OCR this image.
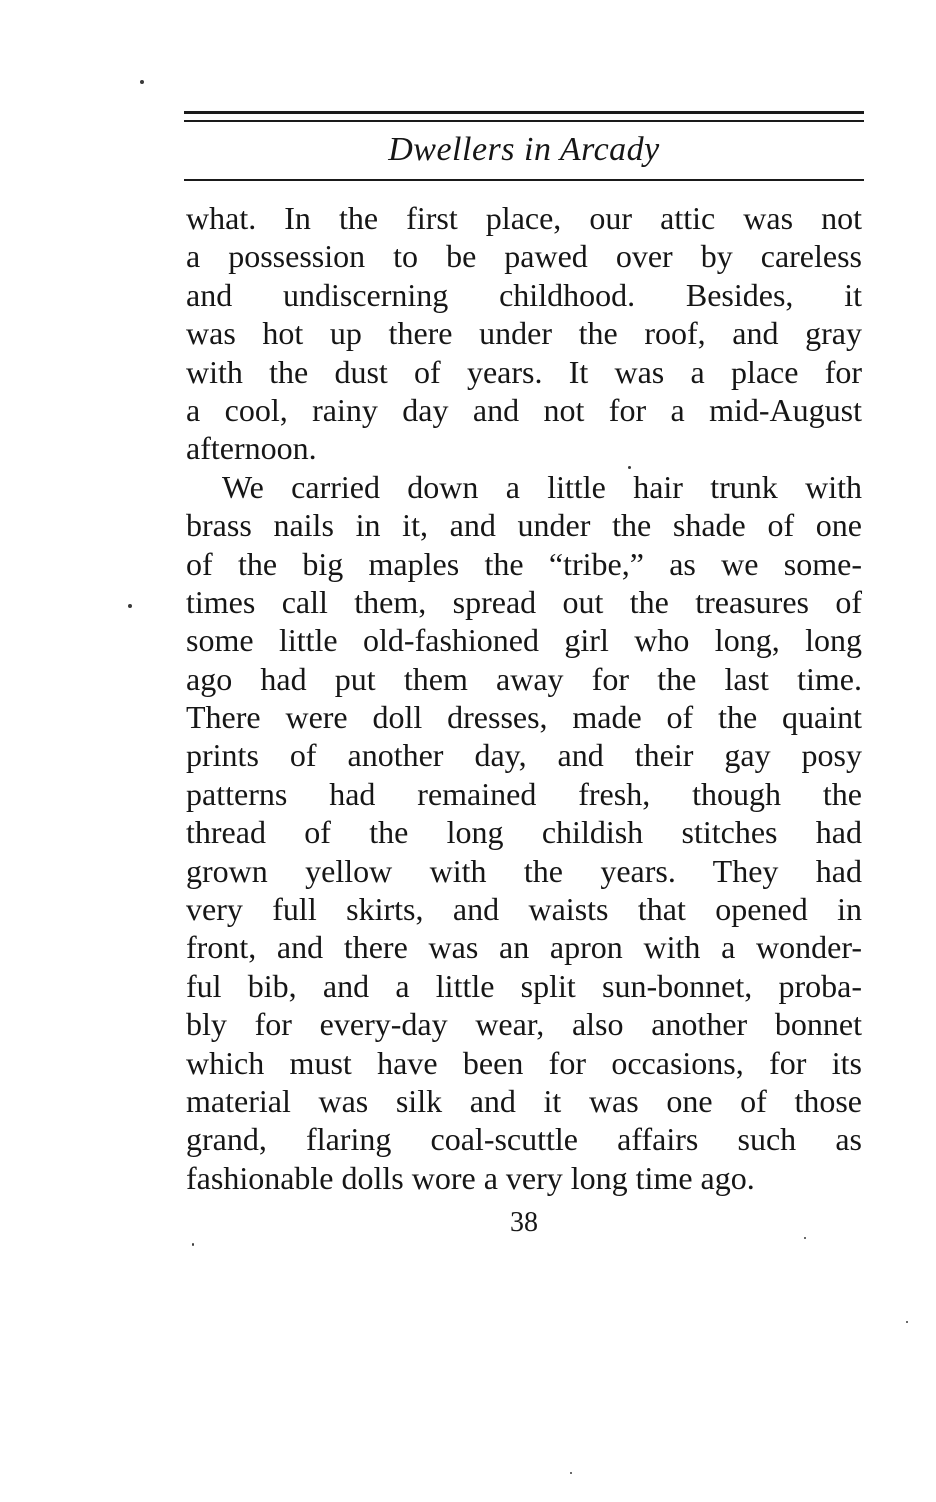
Dwellers in Arcady
what. In the first place, our attic was not
a possession to be pawed over by careless
and undiscerning childhood. Besides, it
was hot up there under the roof, and gray
with the dust of years. It was a place for
a cool, rainy day and not for a mid-August
afternoon.
We carried down a little hair trunk with
brass nails in it, and under the shade of one
of the big maples the “tribe,” as we some-
times call them, spread out the treasures of
some little old-fashioned girl who long, long
ago had put them away for the last time.
There were doll dresses, made of the quaint
prints of another day, and their gay posy
patterns had remained fresh, though the
thread of the long childish stitches had
grown yellow with the years. They had
very full skirts, and waists that opened in
front, and there was an apron with a wonder-
ful bib, and a little split sun-bonnet, proba-
bly for every-day wear, also another bonnet
which must have been for occasions, for its
material was silk and it was one of those
grand, flaring coal-scuttle affairs such as
fashionable dolls wore a very long time ago.
38
